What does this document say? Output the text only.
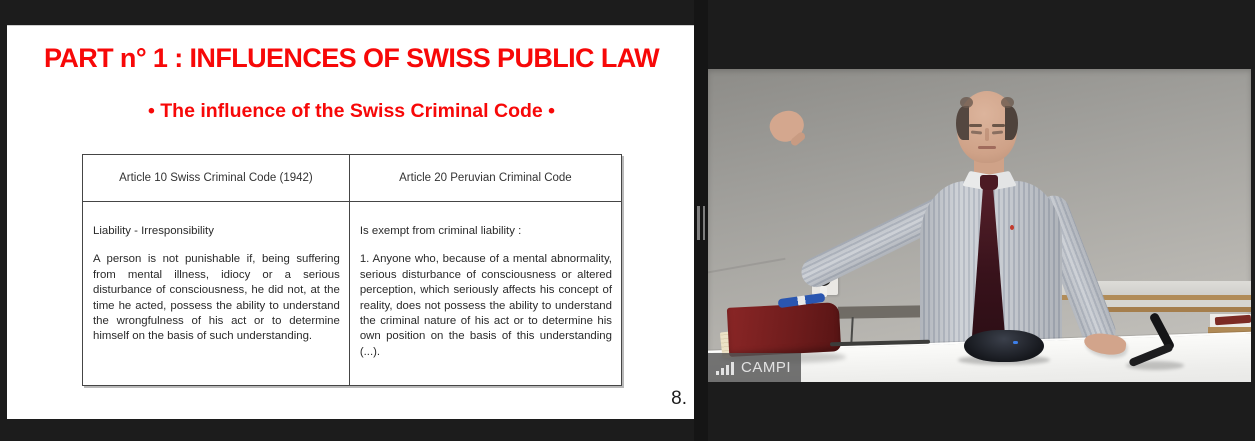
PART n° 1 : INFLUENCES OF SWISS PUBLIC LAW
• The influence of the Swiss Criminal Code •
Article 10 Swiss Criminal Code (1942)	Article 20 Peruvian Criminal Code

Liability - Irresponsibility

A person is not punishable if, being suffering from mental illness, idiocy or a serious disturbance of consciousness, he did not, at the time he acted, possess the ability to understand the wrongfulness of his act or to determine himself on the basis of such understanding.

Is exempt from criminal liability :

1. Anyone who, because of a mental abnormality, serious disturbance of consciousness or altered perception, which seriously affects his concept of reality, does not possess the ability to understand the criminal nature of his act or to determine his own position on the basis of this understanding (...).

8.
CAMPI
